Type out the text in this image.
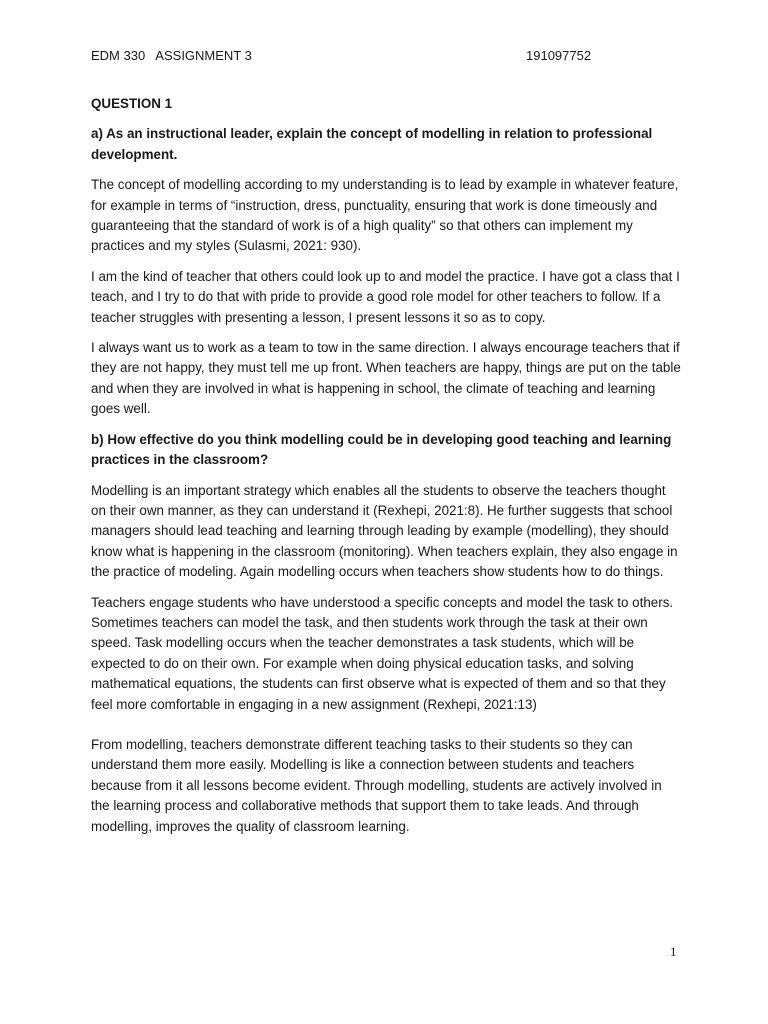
EDM 330   ASSIGNMENT 3	191097752

QUESTION 1

a) As an instructional leader, explain the concept of modelling in relation to professional development.

The concept of modelling according to my understanding is to lead by example in whatever feature, for example in terms of “instruction, dress, punctuality, ensuring that work is done timeously and guaranteeing that the standard of work is of a high quality” so that others can implement my practices and my styles (Sulasmi, 2021: 930).

I am the kind of teacher that others could look up to and model the practice. I have got a class that I teach, and I try to do that with pride to provide a good role model for other teachers to follow. If a teacher struggles with presenting a lesson, I present lessons it so as to copy.

I always want us to work as a team to tow in the same direction. I always encourage teachers that if they are not happy, they must tell me up front. When teachers are happy, things are put on the table and when they are involved in what is happening in school, the climate of teaching and learning goes well.

b) How effective do you think modelling could be in developing good teaching and learning practices in the classroom?

Modelling is an important strategy which enables all the students to observe the teachers thought on their own manner, as they can understand it (Rexhepi, 2021:8). He further suggests that school managers should lead teaching and learning through leading by example (modelling), they should know what is happening in the classroom (monitoring). When teachers explain, they also engage in the practice of modeling. Again modelling occurs when teachers show students how to do things.

Teachers engage students who have understood a specific concepts and model the task to others. Sometimes teachers can model the task, and then students work through the task at their own speed. Task modelling occurs when the teacher demonstrates a task students, which will be expected to do on their own. For example when doing physical education tasks, and solving mathematical equations, the students can first observe what is expected of them and so that they feel more comfortable in engaging in a new assignment (Rexhepi, 2021:13)

From modelling, teachers demonstrate different teaching tasks to their students so they can understand them more easily. Modelling is like a connection between students and teachers because from it all lessons become evident. Through modelling, students are actively involved in the learning process and collaborative methods that support them to take leads. And through modelling, improves the quality of classroom learning.

1
